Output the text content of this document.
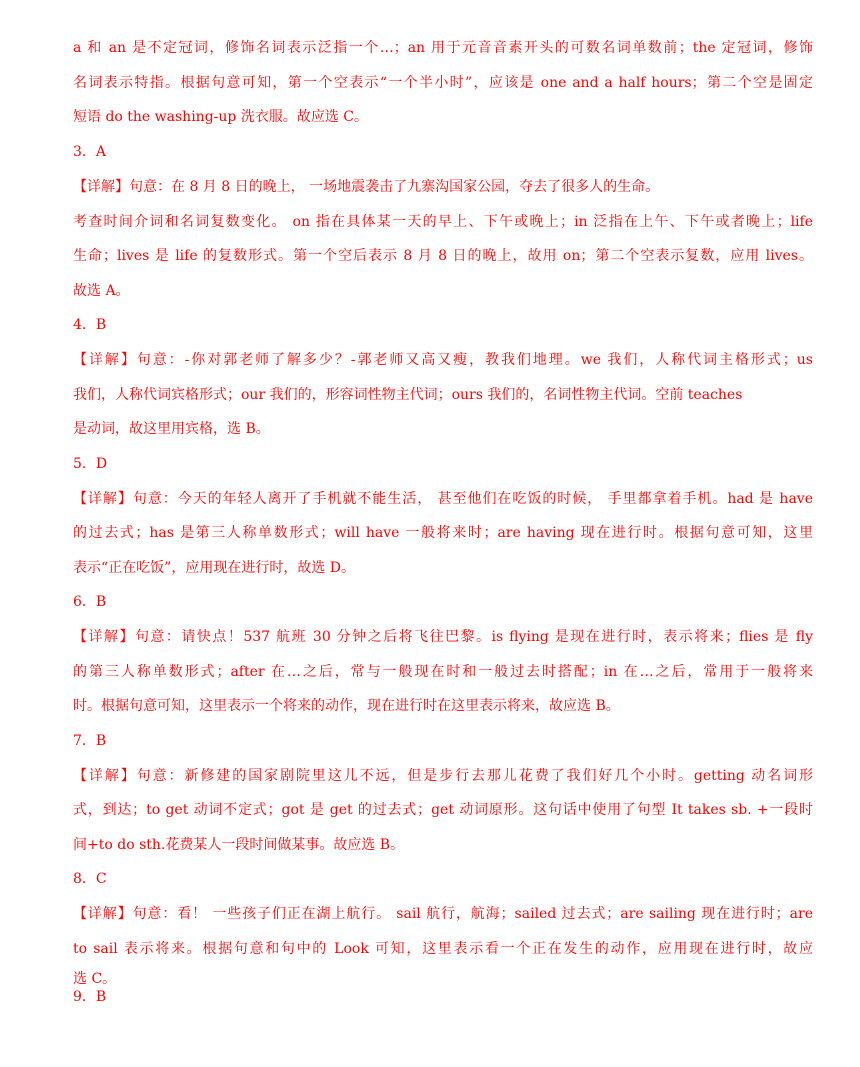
a 和 an 是不定冠词，修饰名词表示泛指一个…；an 用于元音音素开头的可数名词单数前；the 定冠词，修饰
名词表示特指。根据句意可知，第一个空表示“一个半小时”，应该是 one and a half hours；第二个空是固定
短语 do the washing-up 洗衣服。故应选 C。
3．A
【详解】句意：在 8 月 8 日的晚上， 一场地震袭击了九寨沟国家公园，夺去了很多人的生命。
考查时间介词和名词复数变化。 on 指在具体某一天的早上、下午或晚上；in 泛指在上午、下午或者晚上；life
生命；lives 是 life 的复数形式。第一个空后表示 8 月 8 日的晚上，故用 on；第二个空表示复数，应用 lives。
故选 A。
4．B
【详解】句意：-你对郭老师了解多少？-郭老师又高又瘦，教我们地理。we 我们，人称代词主格形式；us
我们，人称代词宾格形式；our 我们的，形容词性物主代词；ours 我们的，名词性物主代词。空前 teaches
是动词，故这里用宾格，选 B。
5．D
【详解】句意：今天的年轻人离开了手机就不能生活， 甚至他们在吃饭的时候， 手里都拿着手机。had 是 have
的过去式；has 是第三人称单数形式；will have 一般将来时；are having 现在进行时。根据句意可知，这里
表示“正在吃饭”，应用现在进行时，故选 D。
6．B
【详解】句意：请快点！537 航班 30 分钟之后将飞往巴黎。is flying 是现在进行时，表示将来；flies 是 fly
的第三人称单数形式；after 在…之后，常与一般现在时和一般过去时搭配；in 在…之后，常用于一般将来
时。根据句意可知，这里表示一个将来的动作，现在进行时在这里表示将来，故应选 B。
7．B
【详解】句意：新修建的国家剧院里这儿不远，但是步行去那儿花费了我们好几个小时。getting 动名词形
式，到达；to get 动词不定式；got 是 get 的过去式；get 动词原形。这句话中使用了句型 It takes sb. +一段时
间+to do sth.花费某人一段时间做某事。故应选 B。
8．C
【详解】句意：看！ 一些孩子们正在湖上航行。 sail 航行，航海；sailed 过去式；are sailing 现在进行时；are
to sail 表示将来。根据句意和句中的 Look 可知，这里表示看一个正在发生的动作，应用现在进行时，故应
选 C。
9．B
